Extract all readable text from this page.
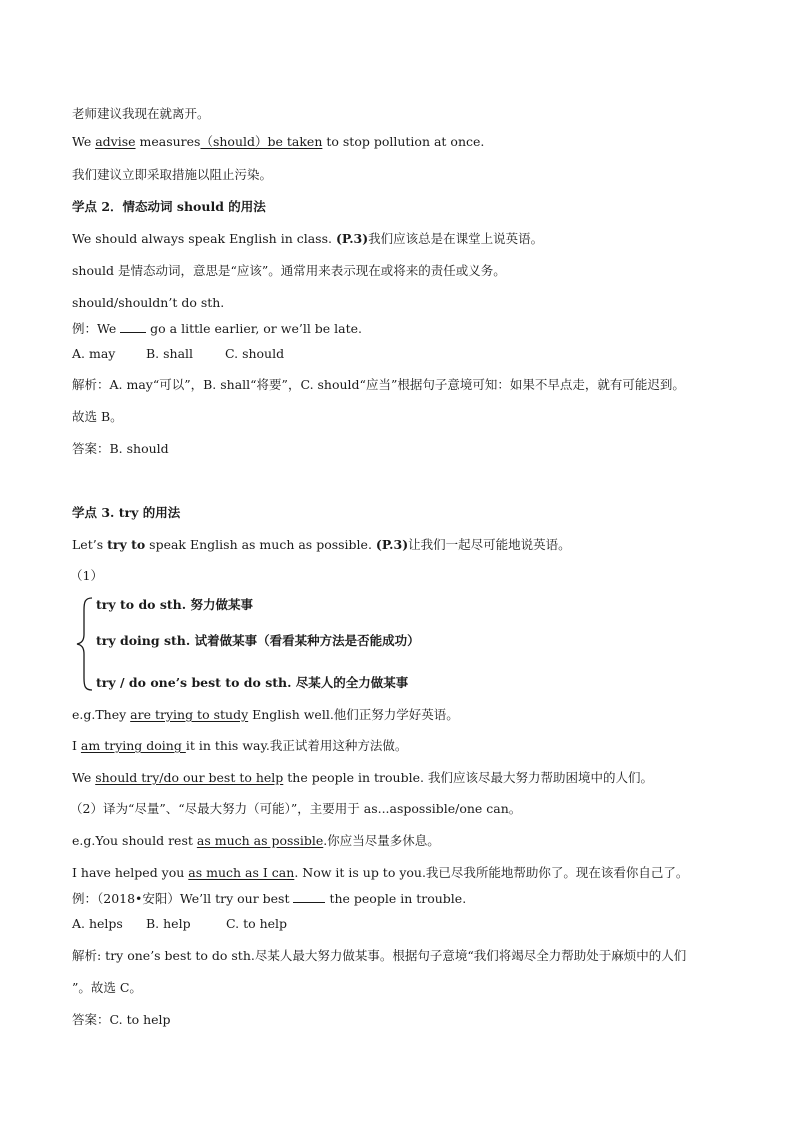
老师建议我现在就离开。
We advise measures（should）be taken to stop pollution at once.
我们建议立即采取措施以阻止污染。
学点 2．情态动词 should 的用法
We should always speak English in class. (P.3)我们应该总是在课堂上说英语。
should 是情态动词，意思是“应该”。通常用来表示现在或将来的责任或义务。
should/shouldn’t do sth.
例：We  go a little earlier, or we’ll be late.
A. may B. shall	C. should
解析：A. may“可以”，B. shall“将要”，C. should“应当”根据句子意境可知：如果不早点走，就有可能迟到。
故选 B。
答案：B. should
学点 3. try 的用法
Let’s try to speak English as much as possible. (P.3)让我们一起尽可能地说英语。
（1）
try to do sth. 努力做某事
try doing sth. 试着做某事（看看某种方法是否能成功）
try / do one’s best to do sth. 尽某人的全力做某事
e.g.They are trying to study English well.他们正努力学好英语。
I am trying doing it in this way.我正试着用这种方法做。
We should try/do our best to help the people in trouble. 我们应该尽最大努力帮助困境中的人们。
（2）译为“尽量”、“尽最大努力（可能）”，主要用于 as...aspossible/one can。
e.g.You should rest as much as possible.你应当尽量多休息。
I have helped you as much as I can. Now it is up to you.我已尽我所能地帮助你了。现在该看你自己了。
例：（2018•安阳）We’ll try our best	the people in trouble.
A. helps B. help	C. to help
解析: try one’s best to do sth.尽某人最大努力做某事。根据句子意境“我们将竭尽全力帮助处于麻烦中的人们
”。故选 C。
答案：C. to help
